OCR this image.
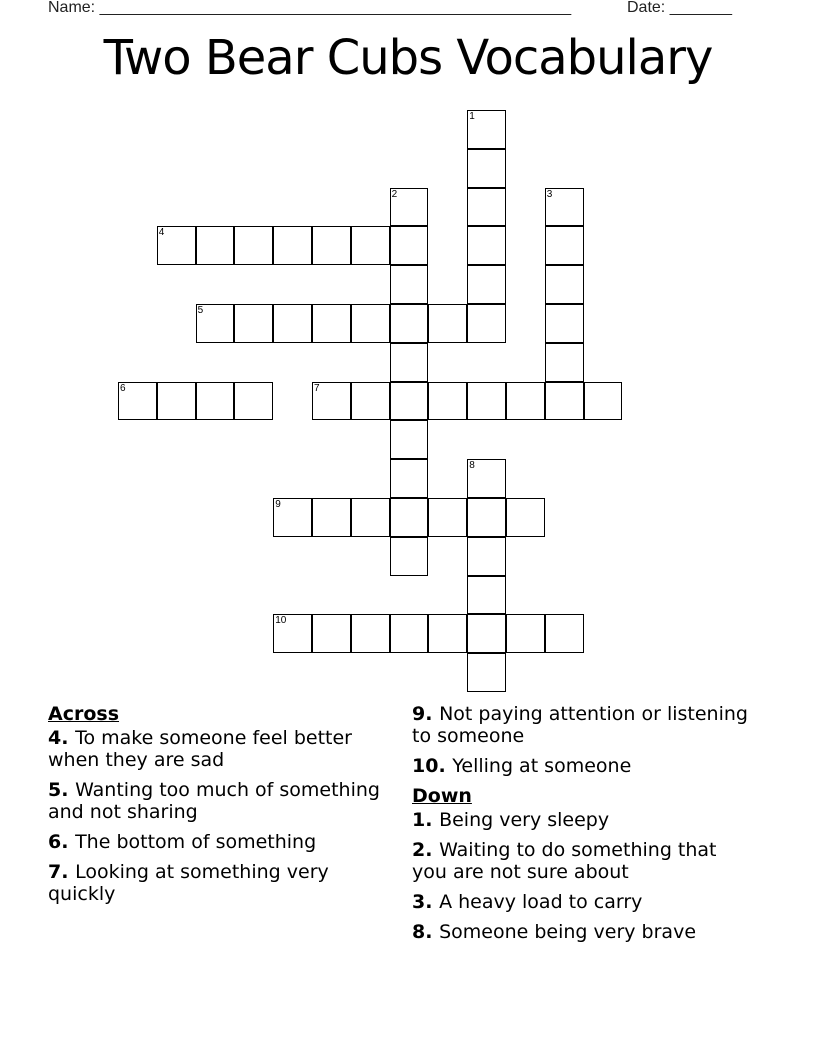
Name: _____________________________________________________	Date: _______
Two Bear Cubs Vocabulary
4
5
6	7
9
10
1
2	3
8
Across
4. To make someone feel better when they are sad
5. Wanting too much of something and not sharing
6. The bottom of something
7. Looking at something very quickly
9. Not paying attention or listening to someone
10. Yelling at someone
Down
1. Being very sleepy
2. Waiting to do something that you are not sure about
3. A heavy load to carry
8. Someone being very brave
